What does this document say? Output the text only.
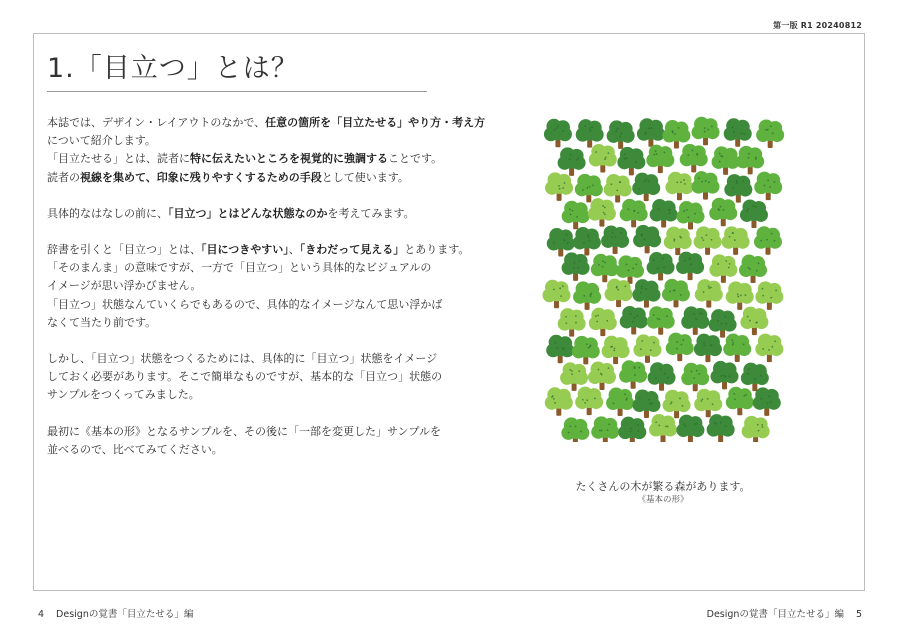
第一版 R1 20240812
1.「目立つ」とは？

本誌では、デザイン・レイアウトのなかで、任意の箇所を「目立たせる」やり方・考え方
について紹介します。
「目立たせる」とは、読者に特に伝えたいところを視覚的に強調することです。
読者の視線を集めて、印象に残りやすくするための手段として使います。

具体的なはなしの前に、「目立つ」とはどんな状態なのかを考えてみます。

辞書を引くと「目立つ」とは、「目につきやすい」、「きわだって見える」とあります。
「そのまんま」の意味ですが、一方で「目立つ」という具体的なビジュアルの
イメージが思い浮かびません。
「目立つ」状態なんていくらでもあるので、具体的なイメージなんて思い浮かば
なくて当たり前です。

しかし、「目立つ」状態をつくるためには、具体的に「目立つ」状態をイメージ
しておく必要があります。そこで簡単なものですが、基本的な「目立つ」状態の
サンプルをつくってみました。

最初に《基本の形》となるサンプルを、その後に「一部を変更した」サンプルを
並べるので、比べてみてください。

たくさんの木が繁る森があります。
《基本の形》
4 Designの覚書「目立たせる」編	Designの覚書「目立たせる」編 5
